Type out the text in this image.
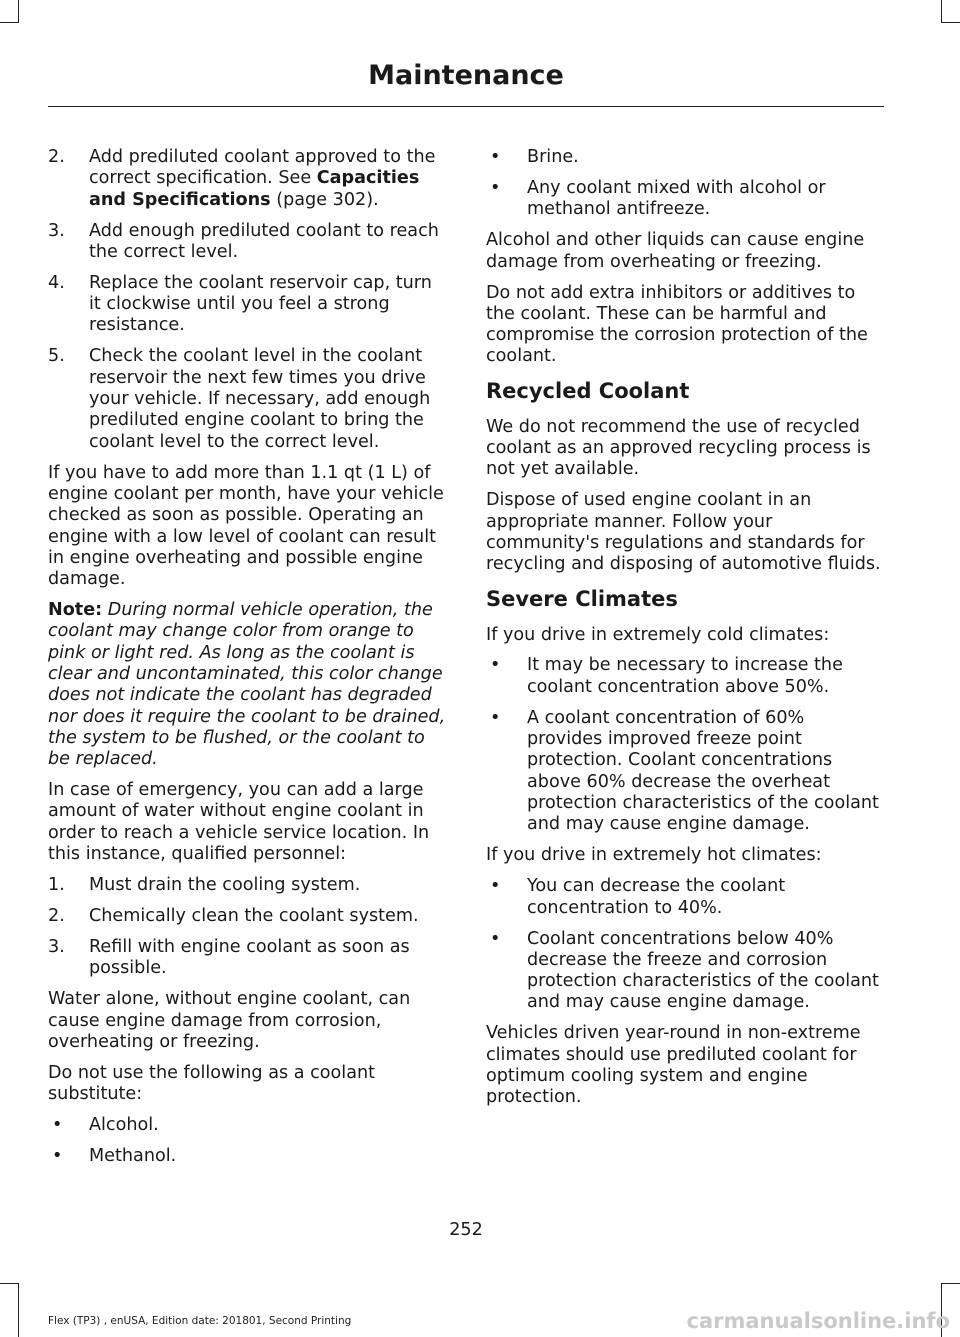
Maintenance
2. Add prediluted coolant approved to the correct specification. See Capacities and Specifications (page 302).
3. Add enough prediluted coolant to reach the correct level.
4. Replace the coolant reservoir cap, turn it clockwise until you feel a strong resistance.
5. Check the coolant level in the coolant reservoir the next few times you drive your vehicle. If necessary, add enough prediluted engine coolant to bring the coolant level to the correct level.

If you have to add more than 1.1 qt (1 L) of engine coolant per month, have your vehicle checked as soon as possible. Operating an engine with a low level of coolant can result in engine overheating and possible engine damage.

Note: During normal vehicle operation, the coolant may change color from orange to pink or light red. As long as the coolant is clear and uncontaminated, this color change does not indicate the coolant has degraded nor does it require the coolant to be drained, the system to be flushed, or the coolant to be replaced.

In case of emergency, you can add a large amount of water without engine coolant in order to reach a vehicle service location. In this instance, qualified personnel:

1. Must drain the cooling system.
2. Chemically clean the coolant system.
3. Refill with engine coolant as soon as possible.

Water alone, without engine coolant, can cause engine damage from corrosion, overheating or freezing.

Do not use the following as a coolant substitute:

• Alcohol.
• Methanol.
• Brine.
• Any coolant mixed with alcohol or methanol antifreeze.

Alcohol and other liquids can cause engine damage from overheating or freezing.

Do not add extra inhibitors or additives to the coolant. These can be harmful and compromise the corrosion protection of the coolant.

Recycled Coolant

We do not recommend the use of recycled coolant as an approved recycling process is not yet available.

Dispose of used engine coolant in an appropriate manner. Follow your community's regulations and standards for recycling and disposing of automotive fluids.

Severe Climates

If you drive in extremely cold climates:

• It may be necessary to increase the coolant concentration above 50%.
• A coolant concentration of 60% provides improved freeze point protection. Coolant concentrations above 60% decrease the overheat protection characteristics of the coolant and may cause engine damage.

If you drive in extremely hot climates:

• You can decrease the coolant concentration to 40%.
• Coolant concentrations below 40% decrease the freeze and corrosion protection characteristics of the coolant and may cause engine damage.

Vehicles driven year-round in non-extreme climates should use prediluted coolant for optimum cooling system and engine protection.

252
Flex (TP3) , enUSA, Edition date: 201801, Second Printing	carmanualsonline.info
